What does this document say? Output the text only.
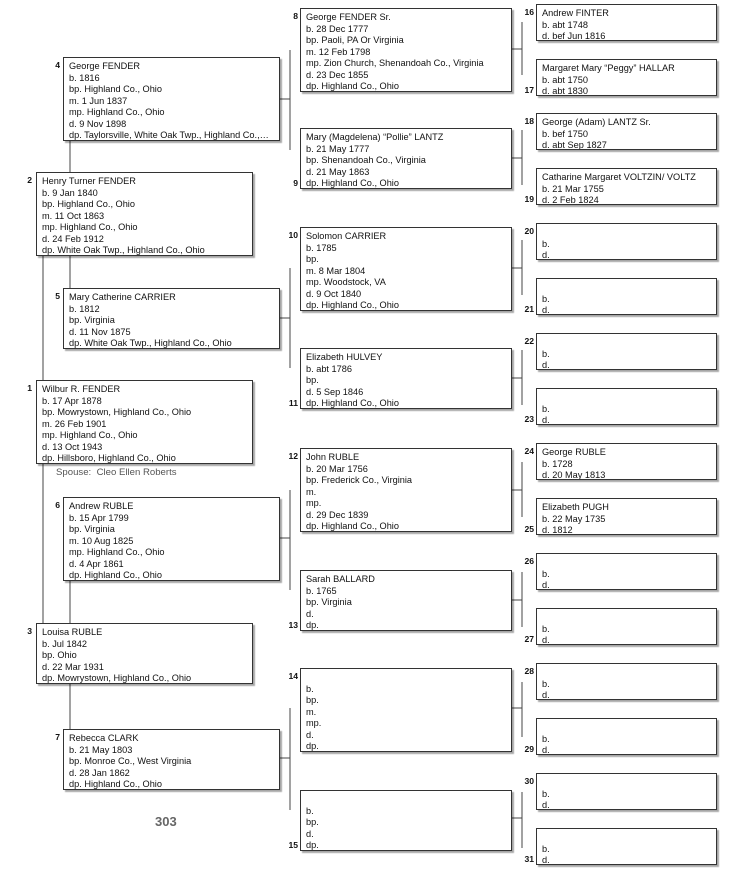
Wilbur R. FENDER
b. 17 Apr 1878
bp. Mowrystown, Highland Co., Ohio
m. 26 Feb 1901
mp. Highland Co., Ohio
d. 13 Oct 1943
dp. Hillsboro, Highland Co., Ohio
1
Spouse: Cleo Ellen Roberts
Henry Turner FENDER
b. 9 Jan 1840
bp. Highland Co., Ohio
m. 11 Oct 1863
mp. Highland Co., Ohio
d. 24 Feb 1912
dp. White Oak Twp., Highland Co., Ohio
2
Louisa RUBLE
b. Jul 1842
bp. Ohio
d. 22 Mar 1931
dp. Mowrystown, Highland Co., Ohio
3
George FENDER
b. 1816
bp. Highland Co., Ohio
m. 1 Jun 1837
mp. Highland Co., Ohio
d. 9 Nov 1898
dp. Taylorsville, White Oak Twp., Highland Co.,…
4
Mary Catherine CARRIER
b. 1812
bp. Virginia
d. 11 Nov 1875
dp. White Oak Twp., Highland Co., Ohio
5
Andrew RUBLE
b. 15 Apr 1799
bp. Virginia
m. 10 Aug 1825
mp. Highland Co., Ohio
d. 4 Apr 1861
dp. Highland Co., Ohio
6
Rebecca CLARK
b. 21 May 1803
bp. Monroe Co., West Virginia
d. 28 Jan 1862
dp. Highland Co., Ohio
7
George FENDER Sr.
b. 28 Dec 1777
bp. Paoli, PA Or Virginia
m. 12 Feb 1798
mp. Zion Church, Shenandoah Co., Virginia
d. 23 Dec 1855
dp. Highland Co., Ohio
8
Mary (Magdelena) “Pollie” LANTZ
b. 21 May 1777
bp. Shenandoah Co., Virginia
d. 21 May 1863
dp. Highland Co., Ohio
9
Solomon CARRIER
b. 1785
bp.
m. 8 Mar 1804
mp. Woodstock, VA
d. 9 Oct 1840
dp. Highland Co., Ohio
10
Elizabeth HULVEY
b. abt 1786
bp.
d. 5 Sep 1846
dp. Highland Co., Ohio
11
John RUBLE
b. 20 Mar 1756
bp. Frederick Co., Virginia
m.
mp.
d. 29 Dec 1839
dp. Highland Co., Ohio
12
Sarah BALLARD
b. 1765
bp. Virginia
d.
dp.
13
b.
bp.
m.
mp.
d.
dp.
14
b.
bp.
d.
dp.
15
Andrew FINTER
b. abt 1748
d. bef Jun 1816
16
Margaret Mary “Peggy” HALLAR
b. abt 1750
d. abt 1830
17
George (Adam) LANTZ Sr.
b. bef 1750
d. abt Sep 1827
18
Catharine Margaret VOLTZIN/ VOLTZ
b. 21 Mar 1755
d. 2 Feb 1824
19
b.
d.
20
b.
d.
21
b.
d.
22
b.
d.
23
George RUBLE
b. 1728
d. 20 May 1813
24
Elizabeth PUGH
b. 22 May 1735
d. 1812
25
b.
d.
26
b.
d.
27
b.
d.
28
b.
d.
29
b.
d.
30
b.
d.
31
303
